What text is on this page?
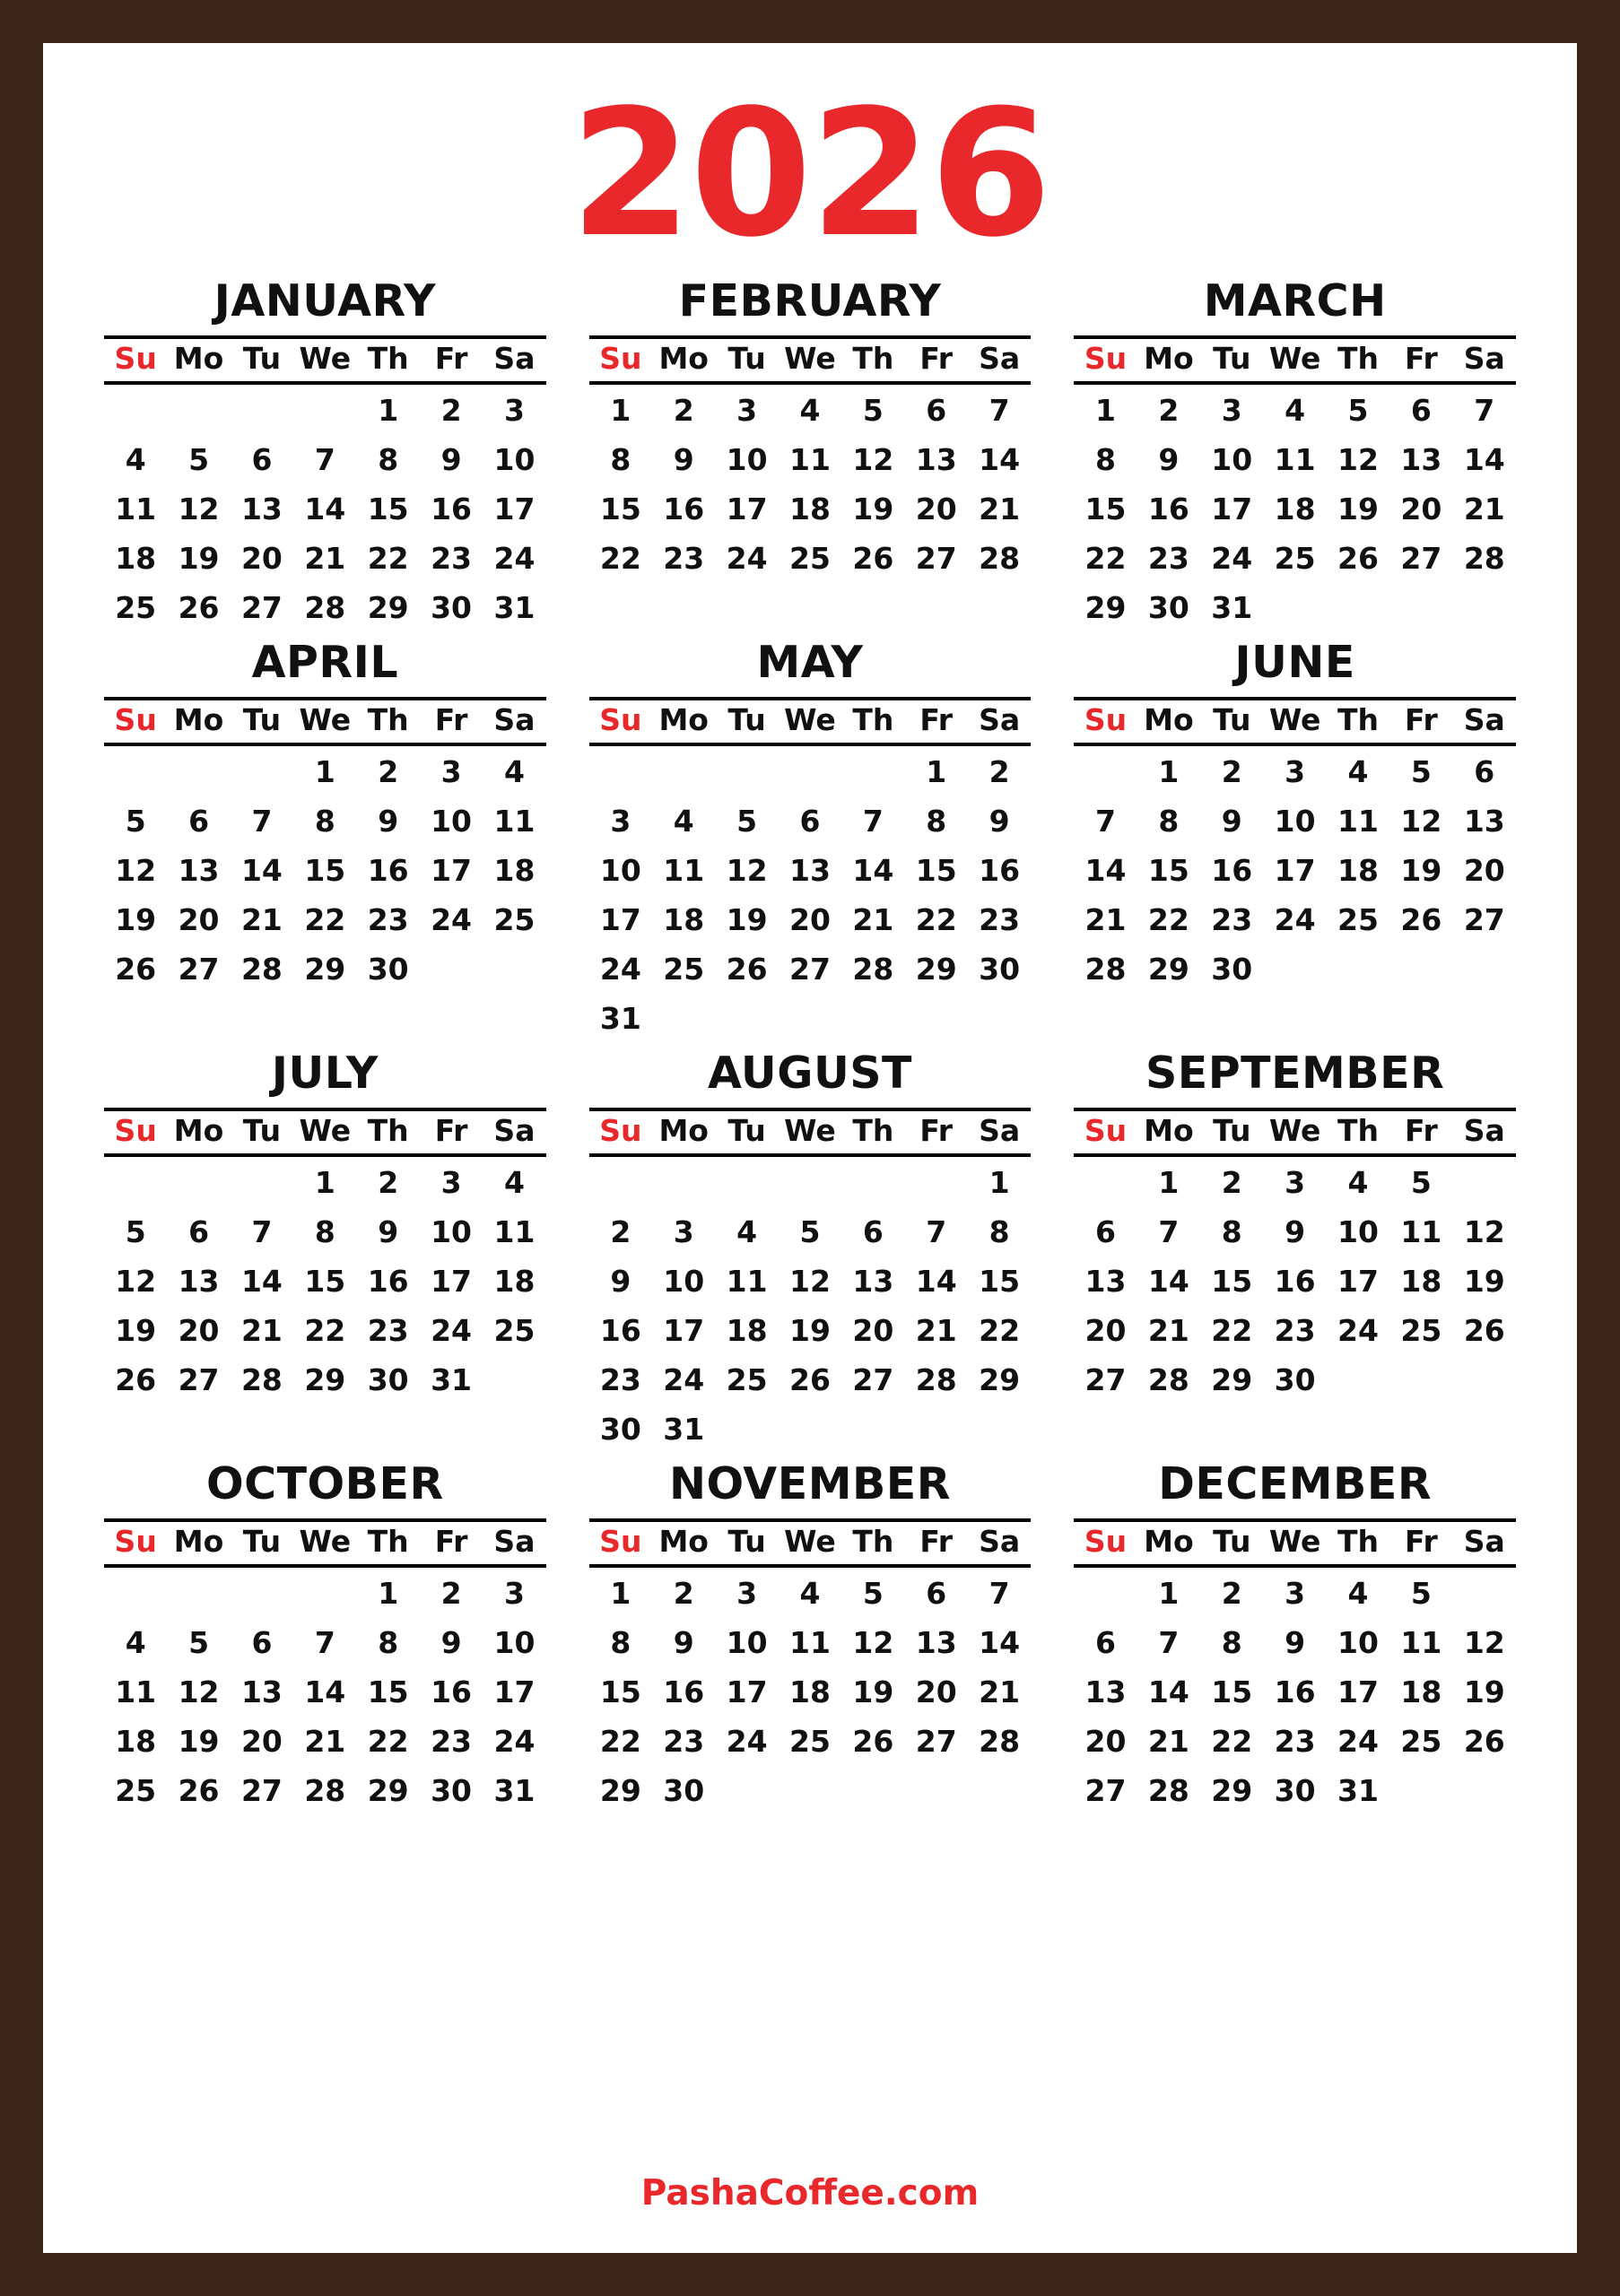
2026
JANUARY
Su	Mo	Tu	We	Th	Fr	Sa
				1	2	3
4	5	6	7	8	9	10
11	12	13	14	15	16	17
18	19	20	21	22	23	24
25	26	27	28	29	30	31
FEBRUARY
Su	Mo	Tu	We	Th	Fr	Sa
1	2	3	4	5	6	7
8	9	10	11	12	13	14
15	16	17	18	19	20	21
22	23	24	25	26	27	28
MARCH
Su	Mo	Tu	We	Th	Fr	Sa
1	2	3	4	5	6	7
8	9	10	11	12	13	14
15	16	17	18	19	20	21
22	23	24	25	26	27	28
29	30	31				
APRIL
Su	Mo	Tu	We	Th	Fr	Sa
			1	2	3	4
5	6	7	8	9	10	11
12	13	14	15	16	17	18
19	20	21	22	23	24	25
26	27	28	29	30		
MAY
Su	Mo	Tu	We	Th	Fr	Sa
					1	2
3	4	5	6	7	8	9
10	11	12	13	14	15	16
17	18	19	20	21	22	23
24	25	26	27	28	29	30
31						
JUNE
Su	Mo	Tu	We	Th	Fr	Sa
	1	2	3	4	5	6
7	8	9	10	11	12	13
14	15	16	17	18	19	20
21	22	23	24	25	26	27
28	29	30				
JULY
Su	Mo	Tu	We	Th	Fr	Sa
			1	2	3	4
5	6	7	8	9	10	11
12	13	14	15	16	17	18
19	20	21	22	23	24	25
26	27	28	29	30	31	
AUGUST
Su	Mo	Tu	We	Th	Fr	Sa
						1
2	3	4	5	6	7	8
9	10	11	12	13	14	15
16	17	18	19	20	21	22
23	24	25	26	27	28	29
30	31					
SEPTEMBER
Su	Mo	Tu	We	Th	Fr	Sa
	1	2	3	4	5	
6	7	8	9	10	11	12
13	14	15	16	17	18	19
20	21	22	23	24	25	26
27	28	29	30			
OCTOBER
Su	Mo	Tu	We	Th	Fr	Sa
				1	2	3
4	5	6	7	8	9	10
11	12	13	14	15	16	17
18	19	20	21	22	23	24
25	26	27	28	29	30	31
NOVEMBER
Su	Mo	Tu	We	Th	Fr	Sa
1	2	3	4	5	6	7
8	9	10	11	12	13	14
15	16	17	18	19	20	21
22	23	24	25	26	27	28
29	30					
DECEMBER
Su	Mo	Tu	We	Th	Fr	Sa
	1	2	3	4	5	
6	7	8	9	10	11	12
13	14	15	16	17	18	19
20	21	22	23	24	25	26
27	28	29	30	31		
PashaCoffee.com
